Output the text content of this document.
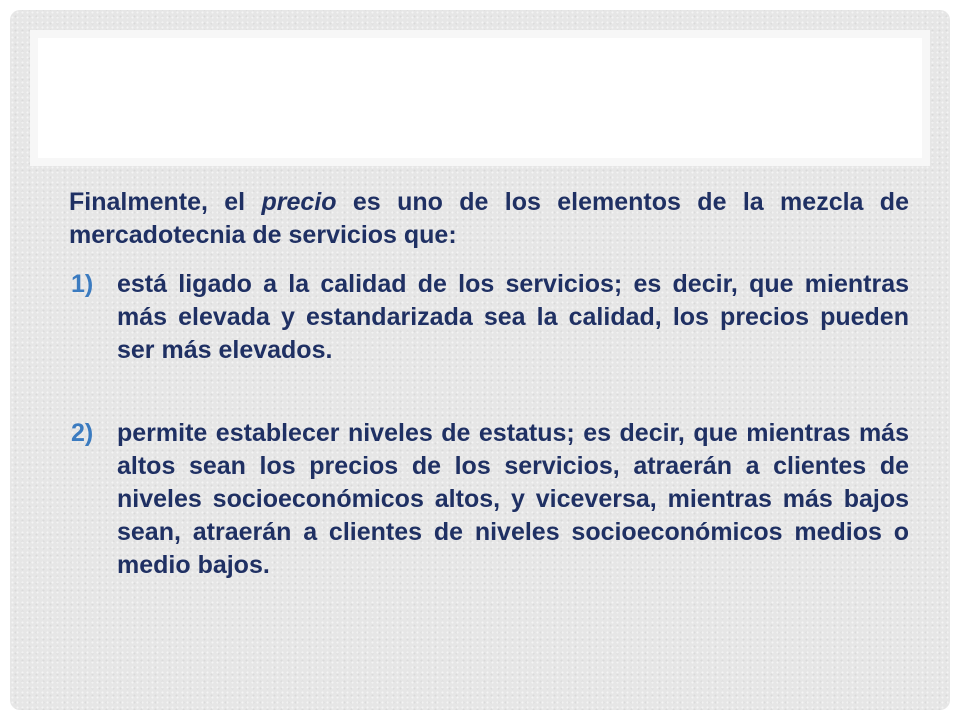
Finalmente, el precio es uno de los elementos de la mezcla de mercadotecnia de servicios que:

1) está ligado a la calidad de los servicios; es decir, que mientras más elevada y estandarizada sea la calidad, los precios pueden ser más elevados.
2) permite establecer niveles de estatus; es decir, que mientras más altos sean los precios de los servicios, atraerán a clientes de niveles socioeconómicos altos, y viceversa, mientras más bajos sean, atraerán a clientes de niveles socioeconómicos medios o medio bajos.
